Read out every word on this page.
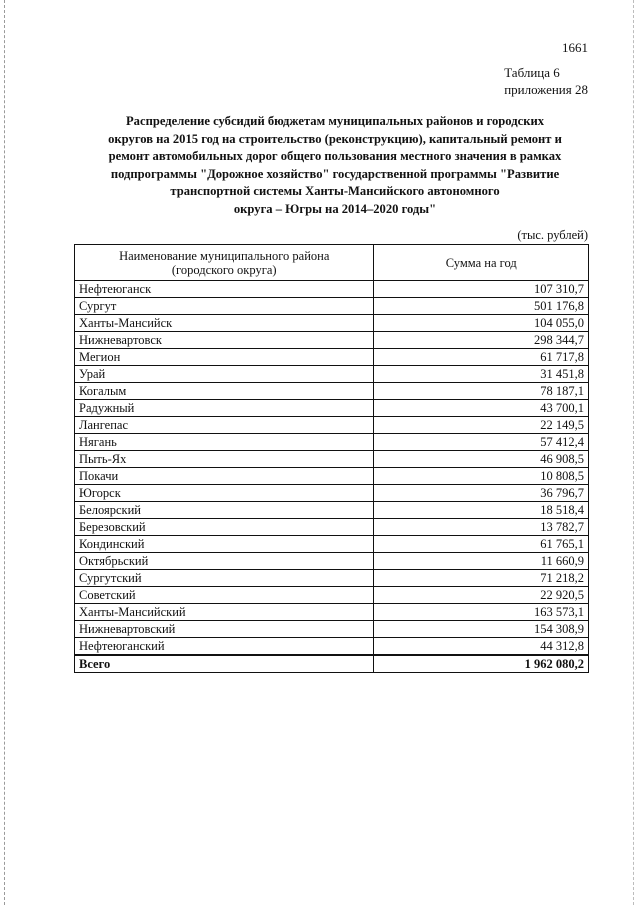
1661
Таблица 6
приложения 28
Распределение субсидий бюджетам муниципальных районов и городских
округов на 2015 год на строительство (реконструкцию), капитальный ремонт и
ремонт автомобильных дорог общего пользования местного значения в рамках
подпрограммы "Дорожное хозяйство" государственной программы "Развитие
транспортной системы Ханты-Мансийского автономного
округа – Югры на 2014–2020 годы"
(тыс. рублей)
Наименование муниципального района
(городского округа)	Сумма на год
Нефтеюганск	107 310,7
Сургут	501 176,8
Ханты-Мансийск	104 055,0
Нижневартовск	298 344,7
Мегион	61 717,8
Урай	31 451,8
Когалым	78 187,1
Радужный	43 700,1
Лангепас	22 149,5
Нягань	57 412,4
Пыть-Ях	46 908,5
Покачи	10 808,5
Югорск	36 796,7
Белоярский	18 518,4
Березовский	13 782,7
Кондинский	61 765,1
Октябрьский	11 660,9
Сургутский	71 218,2
Советский	22 920,5
Ханты-Мансийский	163 573,1
Нижневартовский	154 308,9
Нефтеюганский	44 312,8
Всего	1 962 080,2
